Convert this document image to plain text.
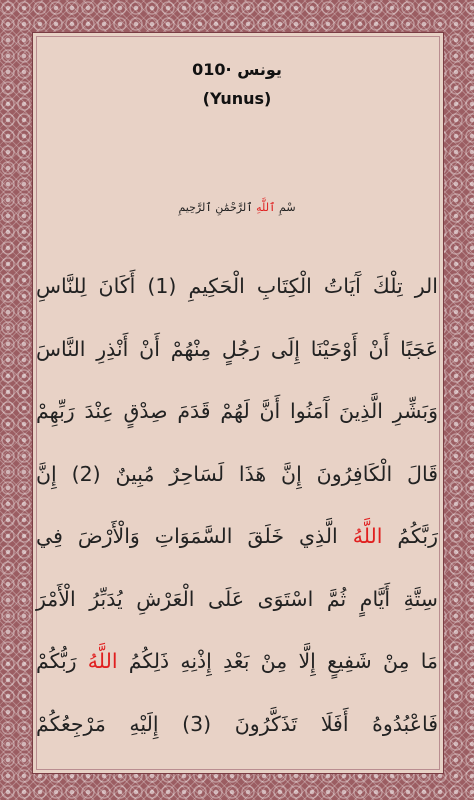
يونس ·010
(Yunus)
سْمِ ٱللَّهِ ٱلرَّحْمَٰنِ ٱلرَّحِيمِ
الر تِلْكَ آَيَاتُ الْكِتَابِ الْحَكِيمِ (1) أَكَانَ لِلنَّاسِ
عَجَبًا أَنْ أَوْحَيْنَا إِلَى رَجُلٍ مِنْهُمْ أَنْ أَنْذِرِ النَّاسَ
وَبَشِّرِ الَّذِينَ آَمَنُوا أَنَّ لَهُمْ قَدَمَ صِدْقٍ عِنْدَ رَبِّهِمْ
قَالَ الْكَافِرُونَ إِنَّ هَذَا لَسَاحِرٌ مُبِينٌ (2) إِنَّ
رَبَّكُمُ اللَّهُ الَّذِي خَلَقَ السَّمَوَاتِ وَالْأَرْضَ فِي
سِتَّةِ أَيَّامٍ ثُمَّ اسْتَوَى عَلَى الْعَرْشِ يُدَبِّرُ الْأَمْرَ
مَا مِنْ شَفِيعٍ إِلَّا مِنْ بَعْدِ إِذْنِهِ ذَلِكُمُ اللَّهُ رَبُّكُمْ
فَاعْبُدُوهُ أَفَلَا تَذَكَّرُونَ (3) إِلَيْهِ مَرْجِعُكُمْ
